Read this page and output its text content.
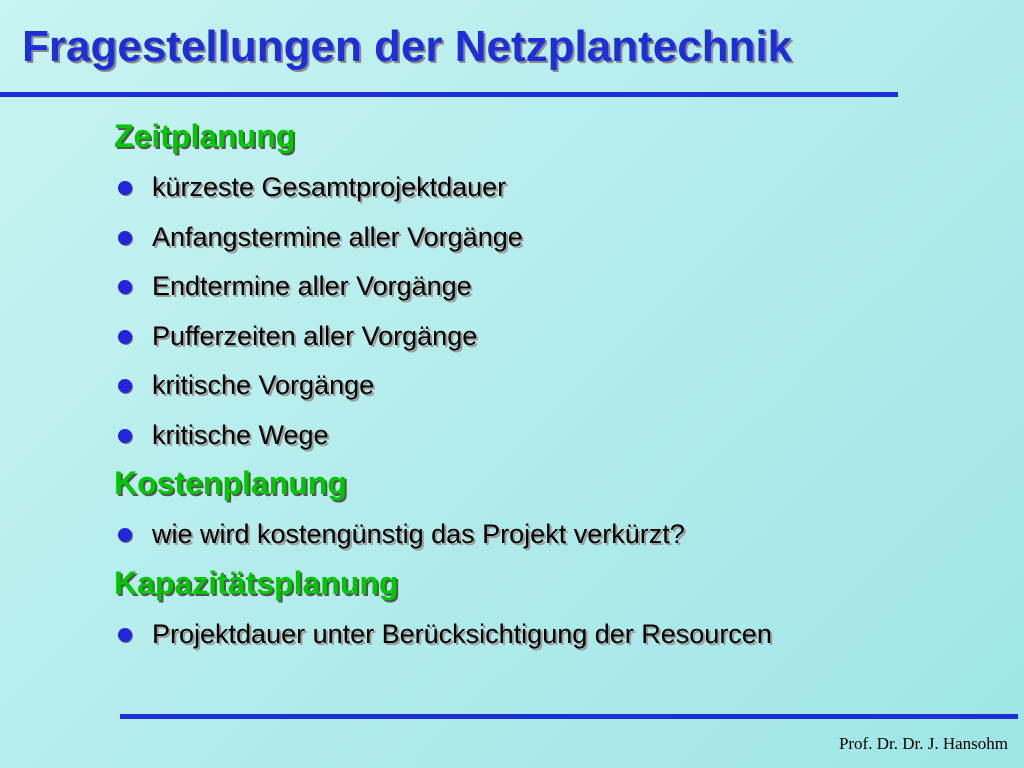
Fragestellungen der Netzplantechnik
Zeitplanung
kürzeste Gesamtprojektdauer
Anfangstermine aller Vorgänge
Endtermine aller Vorgänge
Pufferzeiten aller Vorgänge
kritische Vorgänge
kritische Wege
Kostenplanung
wie wird kostengünstig das Projekt verkürzt?
Kapazitätsplanung
Projektdauer unter Berücksichtigung der Resourcen
Prof. Dr. Dr. J. Hansohm
